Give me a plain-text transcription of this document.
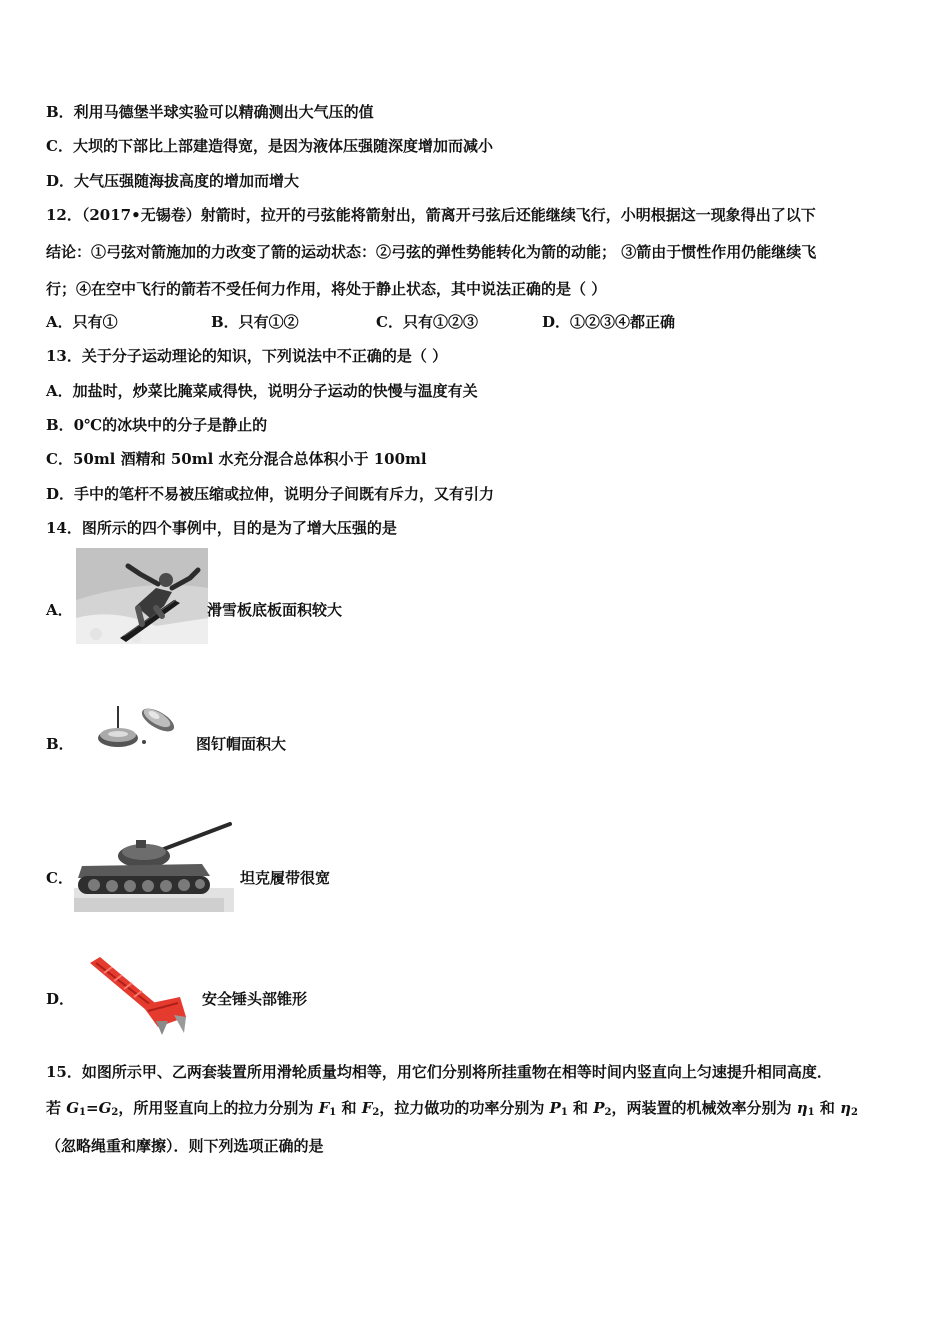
B．利用马德堡半球实验可以精确测出大气压的值
C．大坝的下部比上部建造得宽，是因为液体压强随深度增加而减小
D．大气压强随海拔高度的增加而增大
12．（2017•无锡卷）射箭时，拉开的弓弦能将箭射出，箭离开弓弦后还能继续飞行，小明根据这一现象得出了以下
结论：①弓弦对箭施加的力改变了箭的运动状态：②弓弦的弹性势能转化为箭的动能； ③箭由于惯性作用仍能继续飞
行；④在空中飞行的箭若不受任何力作用，将处于静止状态，其中说法正确的是（ ）
A．只有①	B．只有①②	C．只有①②③	D．①②③④都正确
13．关于分子运动理论的知识，下列说法中不正确的是（ ）
A．加盐时，炒菜比腌菜咸得快，说明分子运动的快慢与温度有关
B．0℃的冰块中的分子是静止的
C．50ml 酒精和 50ml 水充分混合总体积小于 100ml
D．手中的笔杆不易被压缩或拉伸，说明分子间既有斥力，又有引力
14．图所示的四个事例中，目的是为了增大压强的是
A．	滑雪板底板面积较大
B．	图钉帽面积大
C．	坦克履带很宽
D．	安全锤头部锥形
15．如图所示甲、乙两套装置所用滑轮质量均相等，用它们分别将所挂重物在相等时间内竖直向上匀速提升相同高度．
若 $G_1=G_2$，所用竖直向上的拉力分别为 $F_1$ 和 $F_2$，拉力做功的功率分别为 $P_1$ 和 $P_2$，两装置的机械效率分别为 $\eta_1$ 和 $\eta_2$
（忽略绳重和摩擦）．则下列选项正确的是
